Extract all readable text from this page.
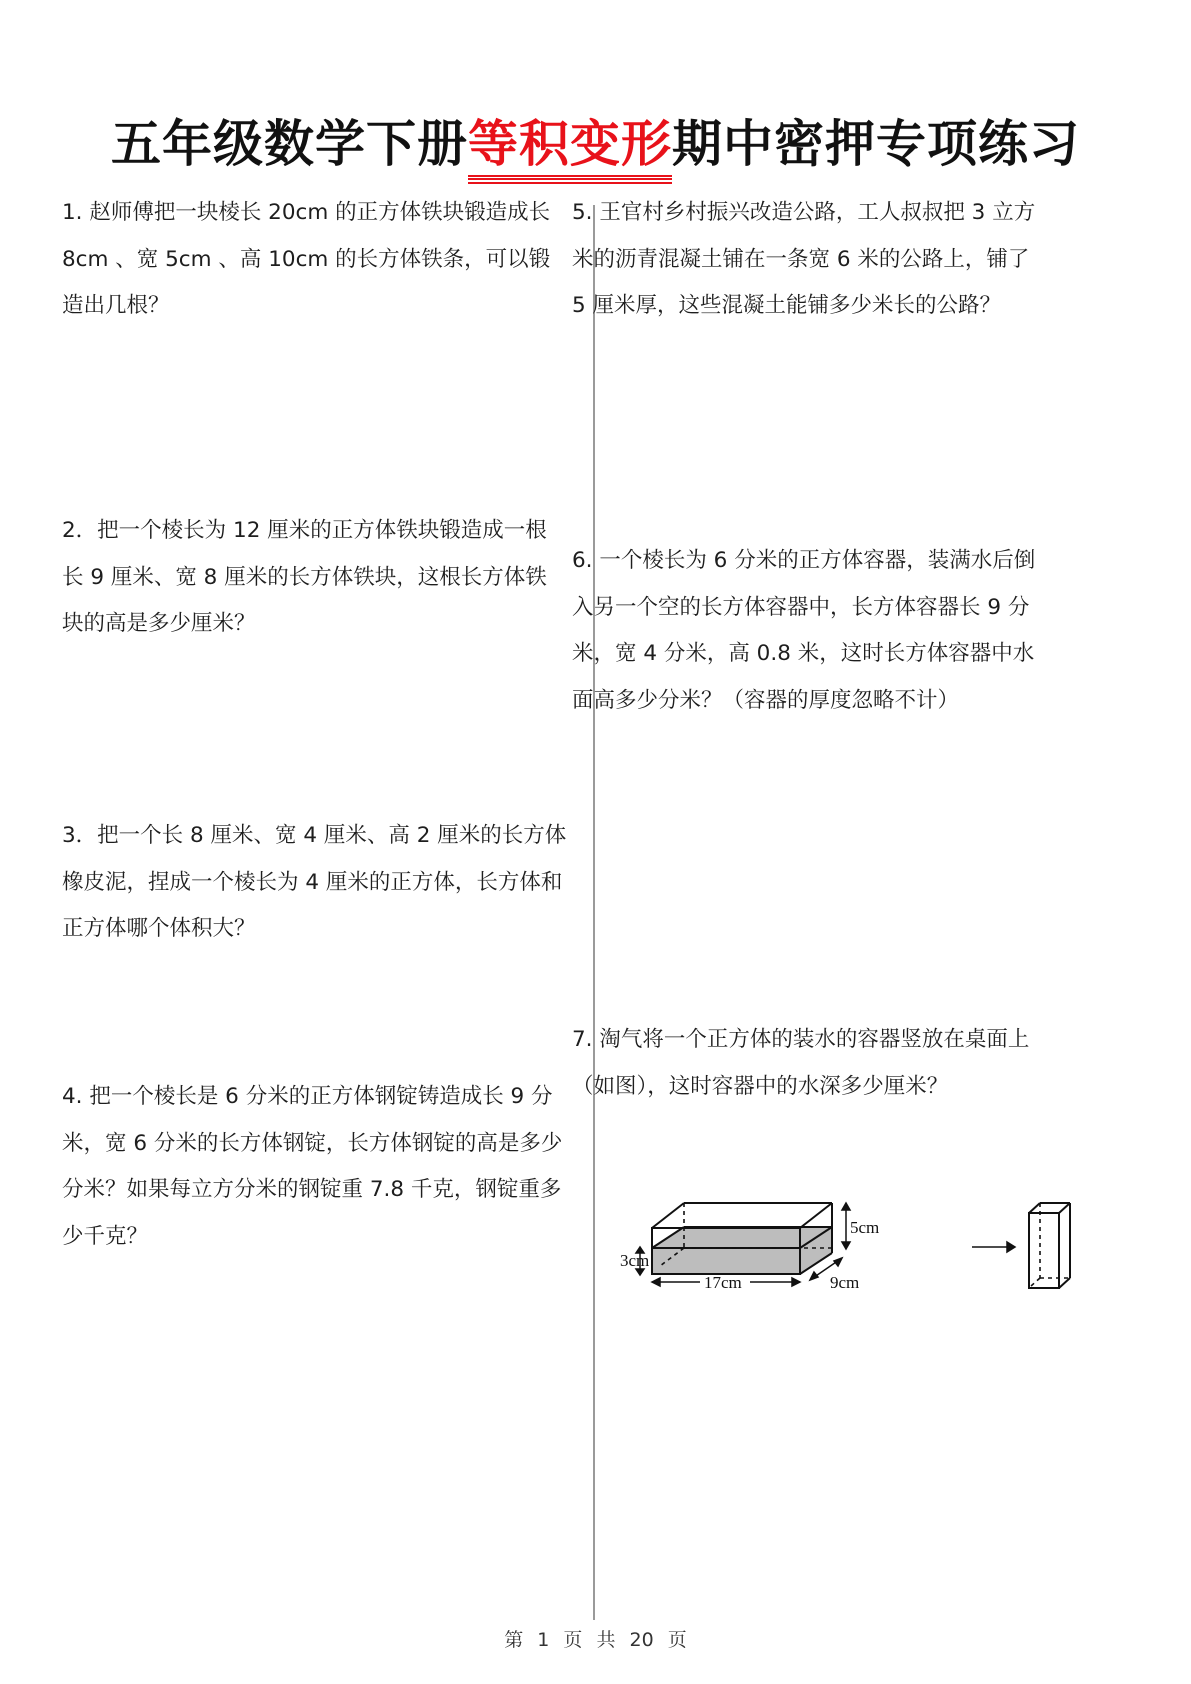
五年级数学下册等积变形期中密押专项练习
1. 赵师傅把一块棱长 20cm 的正方体铁块锻造成长 8cm 、宽 5cm 、高 10cm 的长方体铁条，可以锻造出几根？
2．把一个棱长为 12 厘米的正方体铁块锻造成一根长 9 厘米、宽 8 厘米的长方体铁块，这根长方体铁块的高是多少厘米？
3．把一个长 8 厘米、宽 4 厘米、高 2 厘米的长方体橡皮泥，捏成一个棱长为 4 厘米的正方体，长方体和正方体哪个体积大？
4. 把一个棱长是 6 分米的正方体钢锭铸造成长 9 分米，宽 6 分米的长方体钢锭，长方体钢锭的高是多少分米？如果每立方分米的钢锭重 7.8 千克，钢锭重多少千克？
5. 王官村乡村振兴改造公路，工人叔叔把 3 立方米的沥青混凝土铺在一条宽 6 米的公路上，铺了 5 厘米厚，这些混凝土能铺多少米长的公路？
6. 一个棱长为 6 分米的正方体容器，装满水后倒入另一个空的长方体容器中，长方体容器长 9 分米，宽 4 分米，高 0.8 米，这时长方体容器中水面高多少分米？（容器的厚度忽略不计）
7. 淘气将一个正方体的装水的容器竖放在桌面上（如图），这时容器中的水深多少厘米？
3cm
17cm
5cm
9cm
第 1 页 共 20 页
